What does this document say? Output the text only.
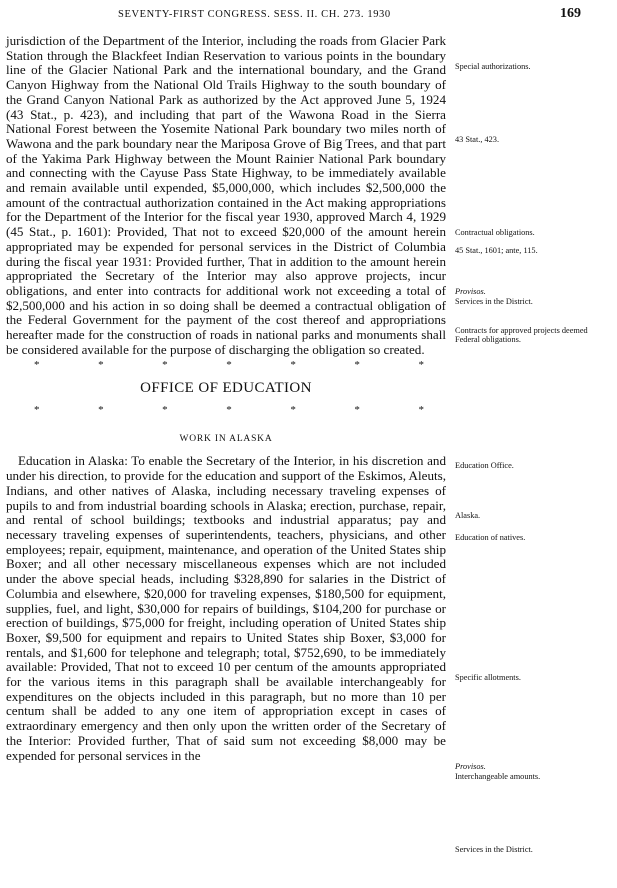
SEVENTY-FIRST CONGRESS. SESS. II. CH. 273. 1930	169

jurisdiction of the Department of the Interior, including the roads from Glacier Park Station through the Blackfeet Indian Reservation to various points in the boundary line of the Glacier National Park and the international boundary, and the Grand Canyon Highway from the National Old Trails Highway to the south boundary of the Grand Canyon National Park as authorized by the Act approved June 5, 1924 (43 Stat., p. 423), and including that part of the Wawona Road in the Sierra National Forest between the Yosemite National Park boundary two miles north of Wawona and the park boundary near the Mariposa Grove of Big Trees, and that part of the Yakima Park Highway between the Mount Rainier National Park boundary and connecting with the Cayuse Pass State Highway, to be immediately available and remain available until expended, $5,000,000, which includes $2,500,000 the amount of the contractual authorization contained in the Act making appropriations for the Department of the Interior for the fiscal year 1930, approved March 4, 1929 (45 Stat., p. 1601): Provided, That not to exceed $20,000 of the amount herein appropriated may be expended for personal services in the District of Columbia during the fiscal year 1931: Provided further, That in addition to the amount herein appropriated the Secretary of the Interior may also approve projects, incur obligations, and enter into contracts for additional work not exceeding a total of $2,500,000 and his action in so doing shall be deemed a contractual obligation of the Federal Government for the payment of the cost thereof and appropriations hereafter made for the construction of roads in national parks and monuments shall be considered available for the purpose of discharging the obligation so created.

*	*	*	*	*	*	*
OFFICE OF EDUCATION
*	*	*	*	*	*	*
WORK IN ALASKA

Education in Alaska: To enable the Secretary of the Interior, in his discretion and under his direction, to provide for the education and support of the Eskimos, Aleuts, Indians, and other natives of Alaska, including necessary traveling expenses of pupils to and from industrial boarding schools in Alaska; erection, purchase, repair, and rental of school buildings; textbooks and industrial apparatus; pay and necessary traveling expenses of superintendents, teachers, physicians, and other employees; repair, equipment, maintenance, and operation of the United States ship Boxer; and all other necessary miscellaneous expenses which are not included under the above special heads, including $328,890 for salaries in the District of Columbia and elsewhere, $20,000 for traveling expenses, $180,500 for equipment, supplies, fuel, and light, $30,000 for repairs of buildings, $104,200 for purchase or erection of buildings, $75,000 for freight, including operation of United States ship Boxer, $9,500 for equipment and repairs to United States ship Boxer, $3,000 for rentals, and $1,600 for telephone and telegraph; total, $752,690, to be immediately available: Provided, That not to exceed 10 per centum of the amounts appropriated for the various items in this paragraph shall be available interchangeably for expenditures on the objects included in this paragraph, but no more than 10 per centum shall be added to any one item of appropriation except in cases of extraordinary emergency and then only upon the written order of the Secretary of the Interior: Provided further, That of said sum not exceeding $8,000 may be expended for personal services in the

Special authorizations.
43 Stat., 423.
Contractual obligations.
45 Stat., 1601; ante, 115.
Provisos.
Services in the District.
Contracts for approved projects deemed Federal obligations.
Education Office.
Alaska.
Education of natives.
Specific allotments.
Provisos.
Interchangeable amounts.
Services in the District.
